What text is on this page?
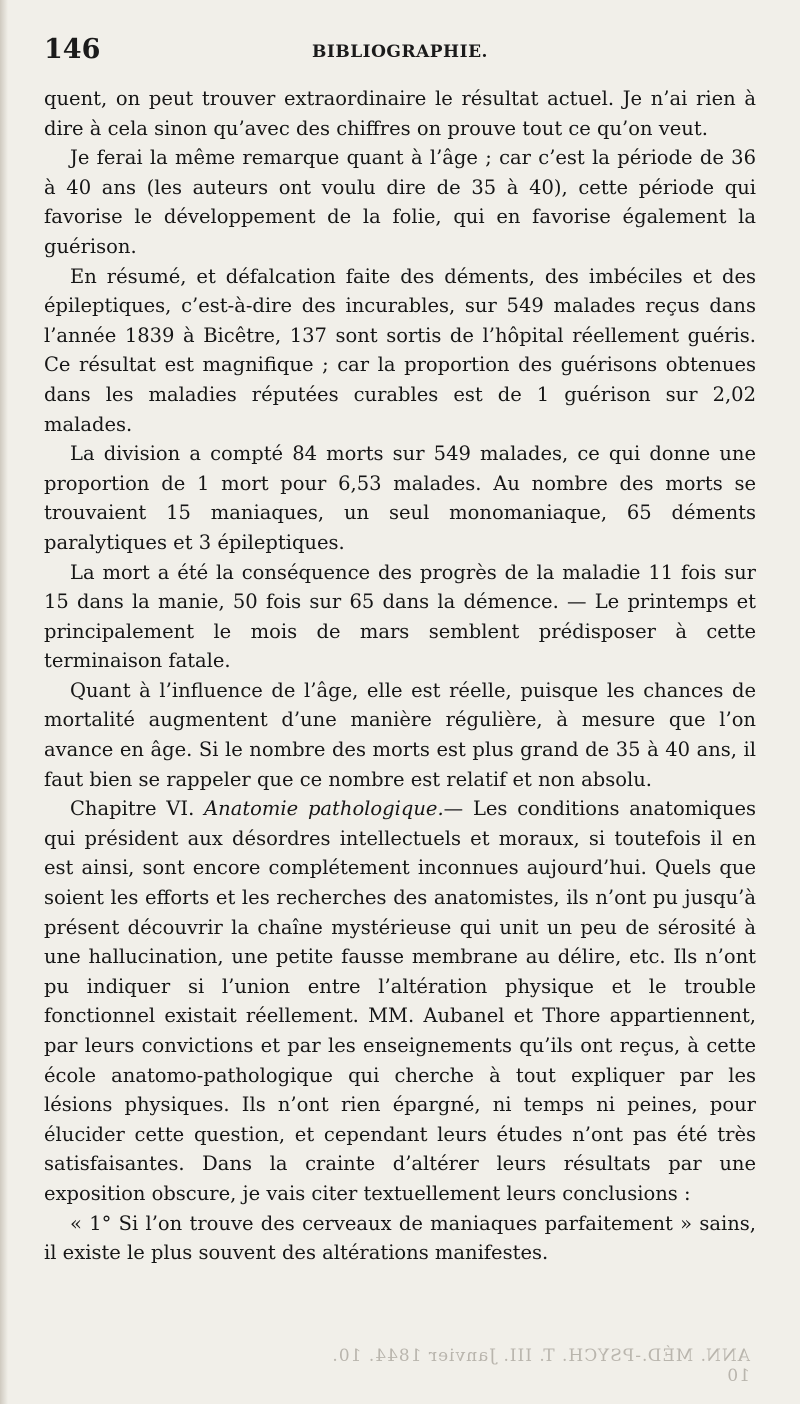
146	BIBLIOGRAPHIE.

quent, on peut trouver extraordinaire le résultat actuel. Je n’ai rien à dire à cela sinon qu’avec des chiffres on prouve tout ce qu’on veut.

Je ferai la même remarque quant à l’âge ; car c’est la période de 36 à 40 ans (les auteurs ont voulu dire de 35 à 40), cette période qui favorise le développement de la folie, qui en favorise également la guérison.

En résumé, et défalcation faite des déments, des imbéciles et des épileptiques, c’est-à-dire des incurables, sur 549 malades reçus dans l’année 1839 à Bicêtre, 137 sont sortis de l’hôpital réellement guéris. Ce résultat est magnifique ; car la proportion des guérisons obtenues dans les maladies réputées curables est de 1 guérison sur 2,02 malades.

La division a compté 84 morts sur 549 malades, ce qui donne une proportion de 1 mort pour 6,53 malades. Au nombre des morts se trouvaient 15 maniaques, un seul monomaniaque, 65 déments paralytiques et 3 épileptiques.

La mort a été la conséquence des progrès de la maladie 11 fois sur 15 dans la manie, 50 fois sur 65 dans la démence. — Le printemps et principalement le mois de mars semblent prédisposer à cette terminaison fatale.

Quant à l’influence de l’âge, elle est réelle, puisque les chances de mortalité augmentent d’une manière régulière, à mesure que l’on avance en âge. Si le nombre des morts est plus grand de 35 à 40 ans, il faut bien se rappeler que ce nombre est relatif et non absolu.

Chapitre VI. Anatomie pathologique.— Les conditions anatomiques qui président aux désordres intellectuels et moraux, si toutefois il en est ainsi, sont encore complétement inconnues aujourd’hui. Quels que soient les efforts et les recherches des anatomistes, ils n’ont pu jusqu’à présent découvrir la chaîne mystérieuse qui unit un peu de sérosité à une hallucination, une petite fausse membrane au délire, etc. Ils n’ont pu indiquer si l’union entre l’altération physique et le trouble fonctionnel existait réellement. MM. Aubanel et Thore appartiennent, par leurs convictions et par les enseignements qu’ils ont reçus, à cette école anatomo-pathologique qui cherche à tout expliquer par les lésions physiques. Ils n’ont rien épargné, ni temps ni peines, pour élucider cette question, et cependant leurs études n’ont pas été très satisfaisantes. Dans la crainte d’altérer leurs résultats par une exposition obscure, je vais citer textuellement leurs conclusions :

« 1° Si l’on trouve des cerveaux de maniaques parfaitement » sains, il existe le plus souvent des altérations manifestes.

ANN. MÉD.-PSYCH. T. III. Janvier 1844. 10.                            10
